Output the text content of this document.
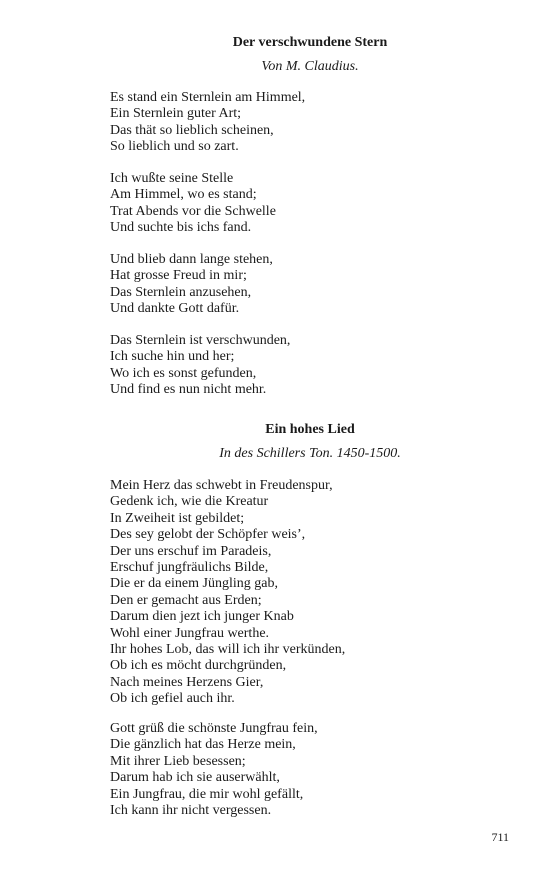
Der verschwundene Stern
Von M. Claudius.
Es stand ein Sternlein am Himmel,
Ein Sternlein guter Art;
Das thät so lieblich scheinen,
So lieblich und so zart.
Ich wußte seine Stelle
Am Himmel, wo es stand;
Trat Abends vor die Schwelle
Und suchte bis ichs fand.
Und blieb dann lange stehen,
Hat grosse Freud in mir;
Das Sternlein anzusehen,
Und dankte Gott dafür.
Das Sternlein ist verschwunden,
Ich suche hin und her;
Wo ich es sonst gefunden,
Und find es nun nicht mehr.
Ein hohes Lied
In des Schillers Ton. 1450-1500.
Mein Herz das schwebt in Freudenspur,
Gedenk ich, wie die Kreatur
In Zweiheit ist gebildet;
Des sey gelobt der Schöpfer weis’,
Der uns erschuf im Paradeis,
Erschuf jungfräulichs Bilde,
Die er da einem Jüngling gab,
Den er gemacht aus Erden;
Darum dien jezt ich junger Knab
Wohl einer Jungfrau werthe.
Ihr hohes Lob, das will ich ihr verkünden,
Ob ich es möcht durchgründen,
Nach meines Herzens Gier,
Ob ich gefiel auch ihr.
Gott grüß die schönste Jungfrau fein,
Die gänzlich hat das Herze mein,
Mit ihrer Lieb besessen;
Darum hab ich sie auserwählt,
Ein Jungfrau, die mir wohl gefällt,
Ich kann ihr nicht vergessen.
711
